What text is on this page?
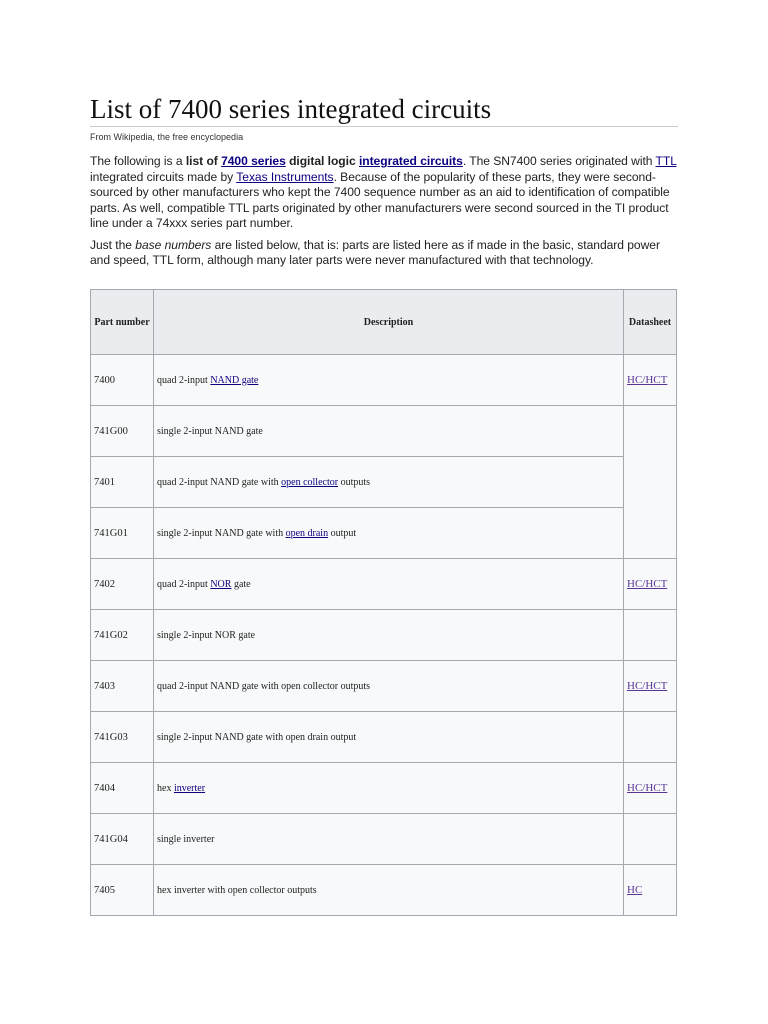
List of 7400 series integrated circuits
From Wikipedia, the free encyclopedia

The following is a list of 7400 series digital logic integrated circuits. The SN7400 series originated with TTL integrated circuits made by Texas Instruments. Because of the popularity of these parts, they were second-sourced by other manufacturers who kept the 7400 sequence number as an aid to identification of compatible parts. As well, compatible TTL parts originated by other manufacturers were second sourced in the TI product line under a 74xxx series part number.

Just the base numbers are listed below, that is: parts are listed here as if made in the basic, standard power and speed, TTL form, although many later parts were never manufactured with that technology.

Part number	Description	Datasheet
7400	quad 2-input NAND gate	HC/HCT
741G00	single 2-input NAND gate	
7401	quad 2-input NAND gate with open collector outputs	
741G01	single 2-input NAND gate with open drain output	
7402	quad 2-input NOR gate	HC/HCT
741G02	single 2-input NOR gate	
7403	quad 2-input NAND gate with open collector outputs	HC/HCT
741G03	single 2-input NAND gate with open drain output	
7404	hex inverter	HC/HCT
741G04	single inverter	
7405	hex inverter with open collector outputs	HC
